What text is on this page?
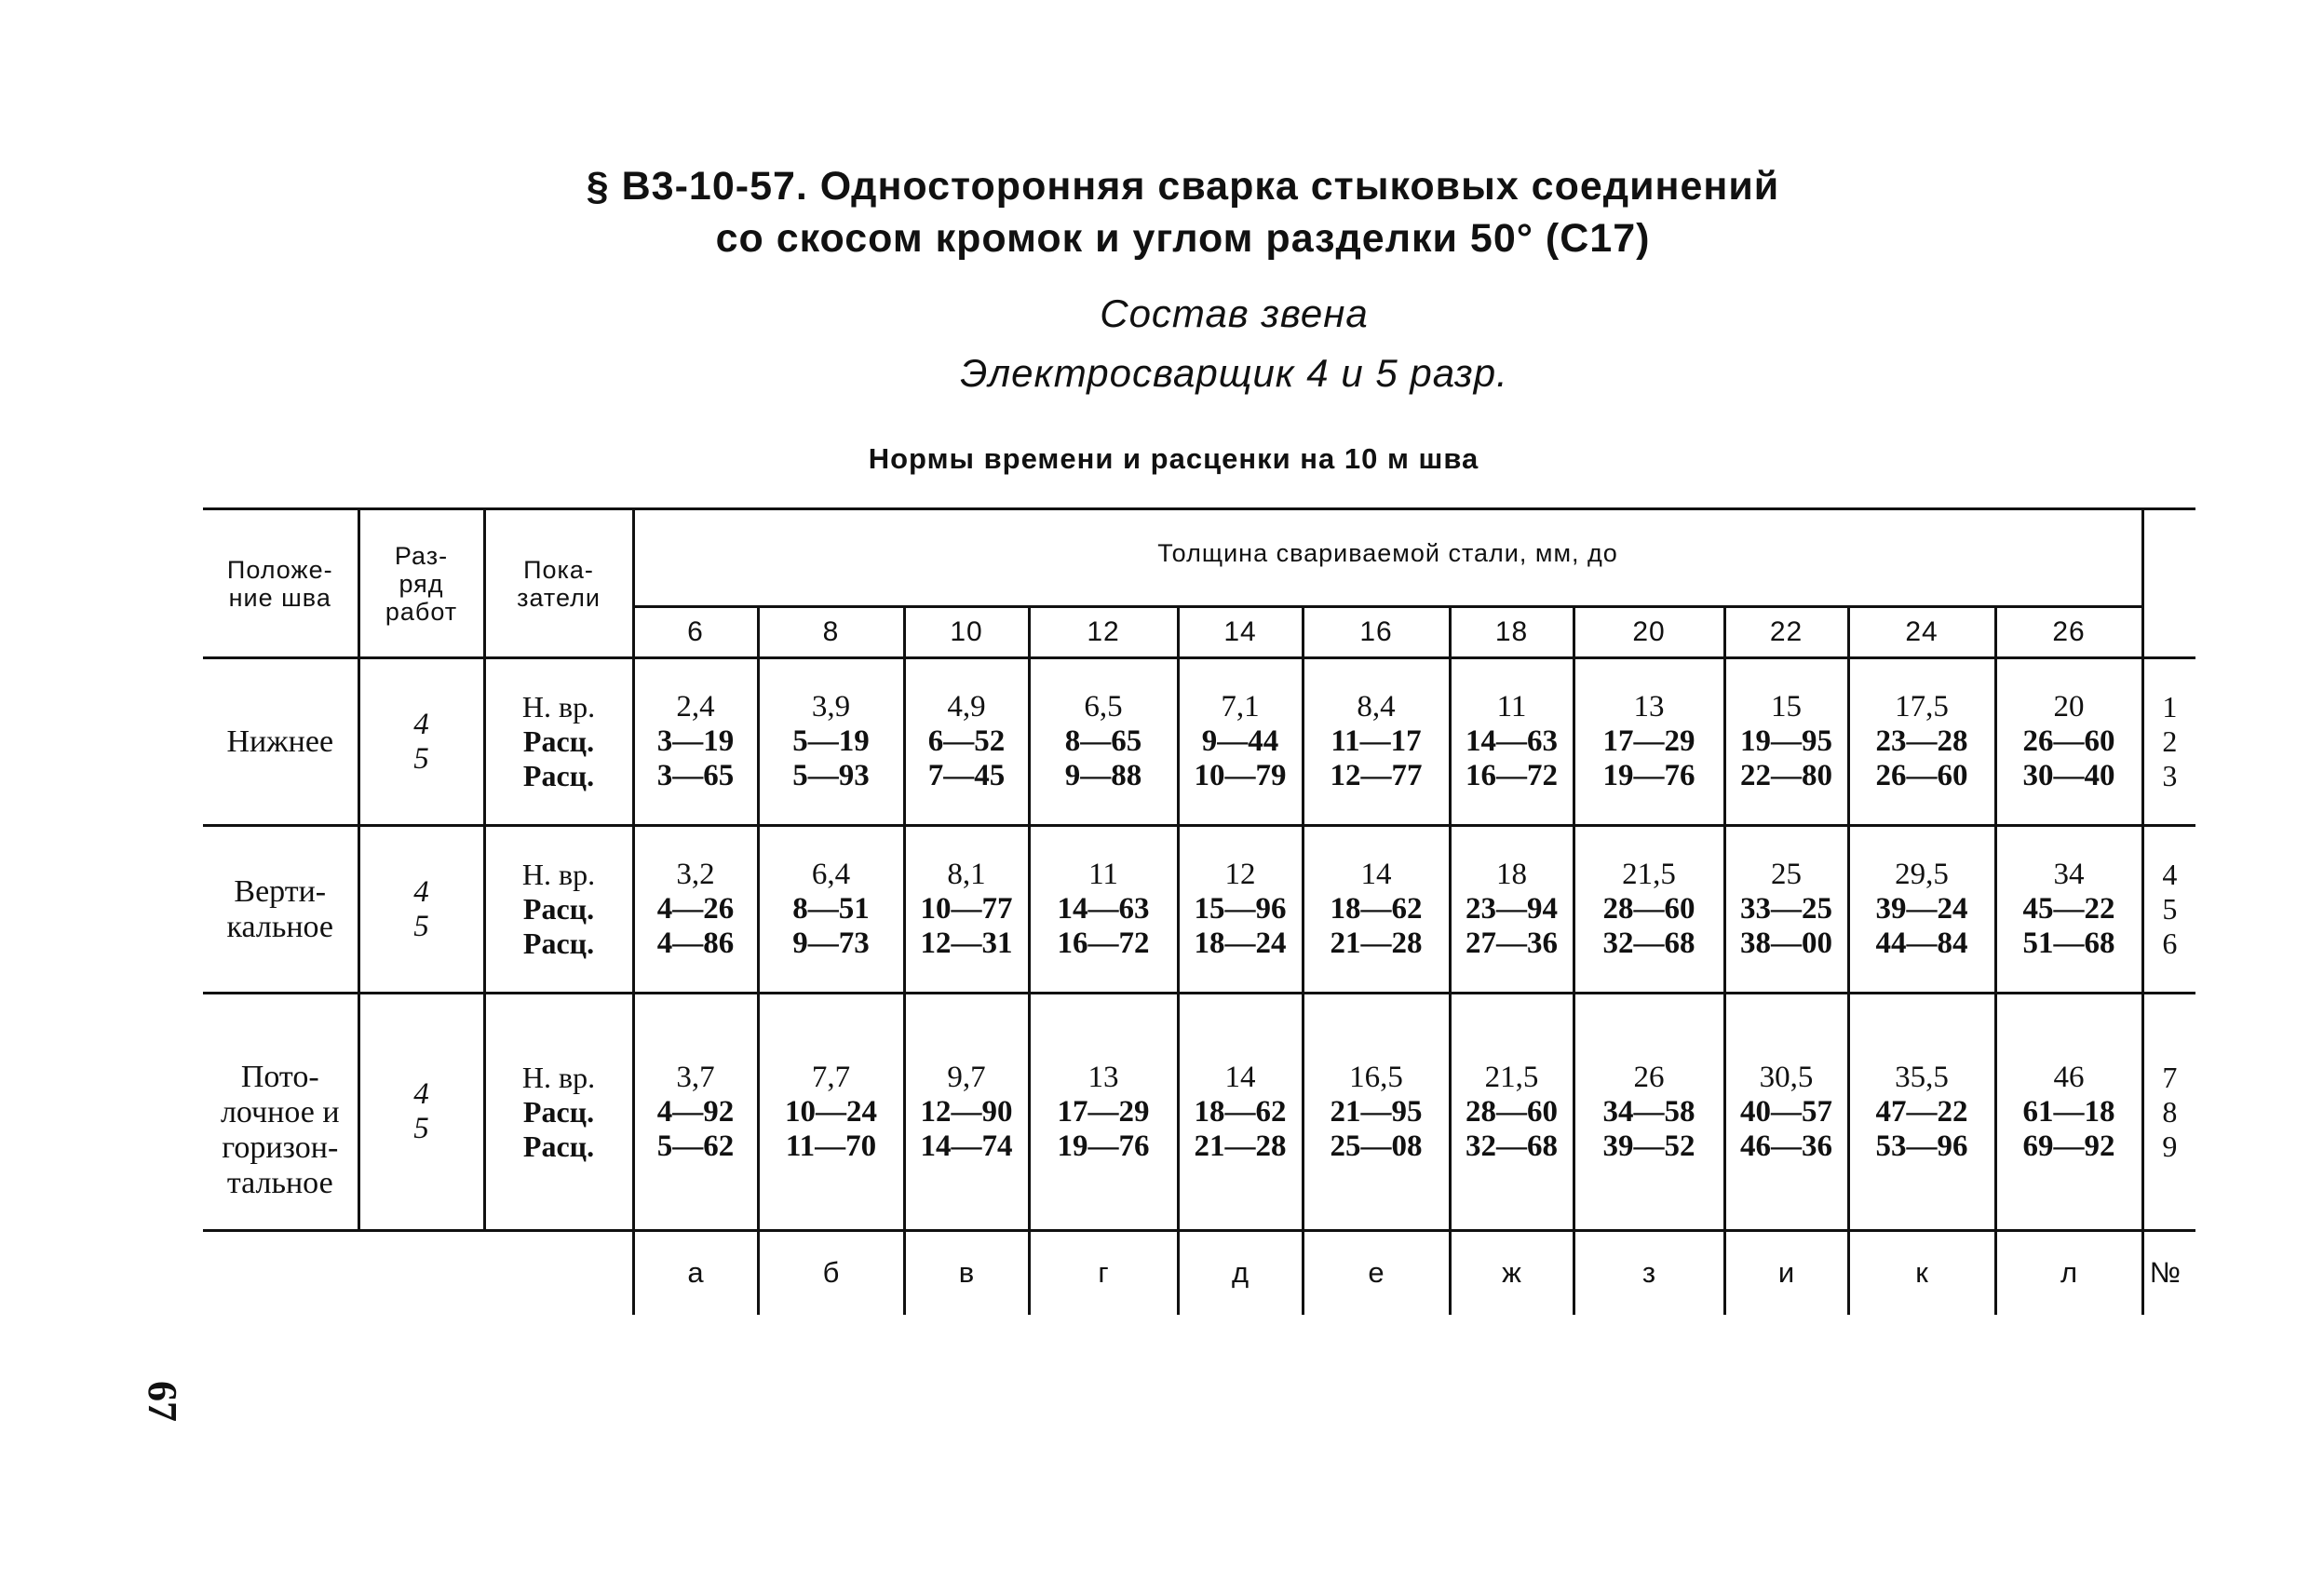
§ В3-10-57. Односторонняя сварка стыковых соединений
со скосом кромок и углом разделки 50° (С17)
Состав звена
Электросварщик 4 и 5 разр.
Нормы времени и расценки на 10 м шва
67
Положе-
ние шва	Раз-
ряд
работ	Пока-
затели	Толщина свариваемой стали, мм, до											
			6	8	10	12	14	16	18	20	22	24	26	

Нижнее	4
5	Н. вр.
Расц.
Расц.	2,4
3—19
3—65	3,9
5—19
5—93	4,9
6—52
7—45	6,5
8—65
9—88	7,1
9—44
10—79	8,4
11—17
12—77	11
14—63
16—72	13
17—29
19—76	15
19—95
22—80	17,5
23—28
26—60	20
26—60
30—40	1
2
3

Верти-
кальное	4
5	Н. вр.
Расц.
Расц.	3,2
4—26
4—86	6,4
8—51
9—73	8,1
10—77
12—31	11
14—63
16—72	12
15—96
18—24	14
18—62
21—28	18
23—94
27—36	21,5
28—60
32—68	25
33—25
38—00	29,5
39—24
44—84	34
45—22
51—68	4
5
6

Пото-
лочное и
горизон-
тальное	4
5	Н. вр.
Расц.
Расц.	3,7
4—92
5—62	7,7
10—24
11—70	9,7
12—90
14—74	13
17—29
19—76	14
18—62
21—28	16,5
21—95
25—08	21,5
28—60
32—68	26
34—58
39—52	30,5
40—57
46—36	35,5
47—22
53—96	46
61—18
69—92	7
8
9

			а	б	в	г	д	е	ж	з	и	к	л	№
